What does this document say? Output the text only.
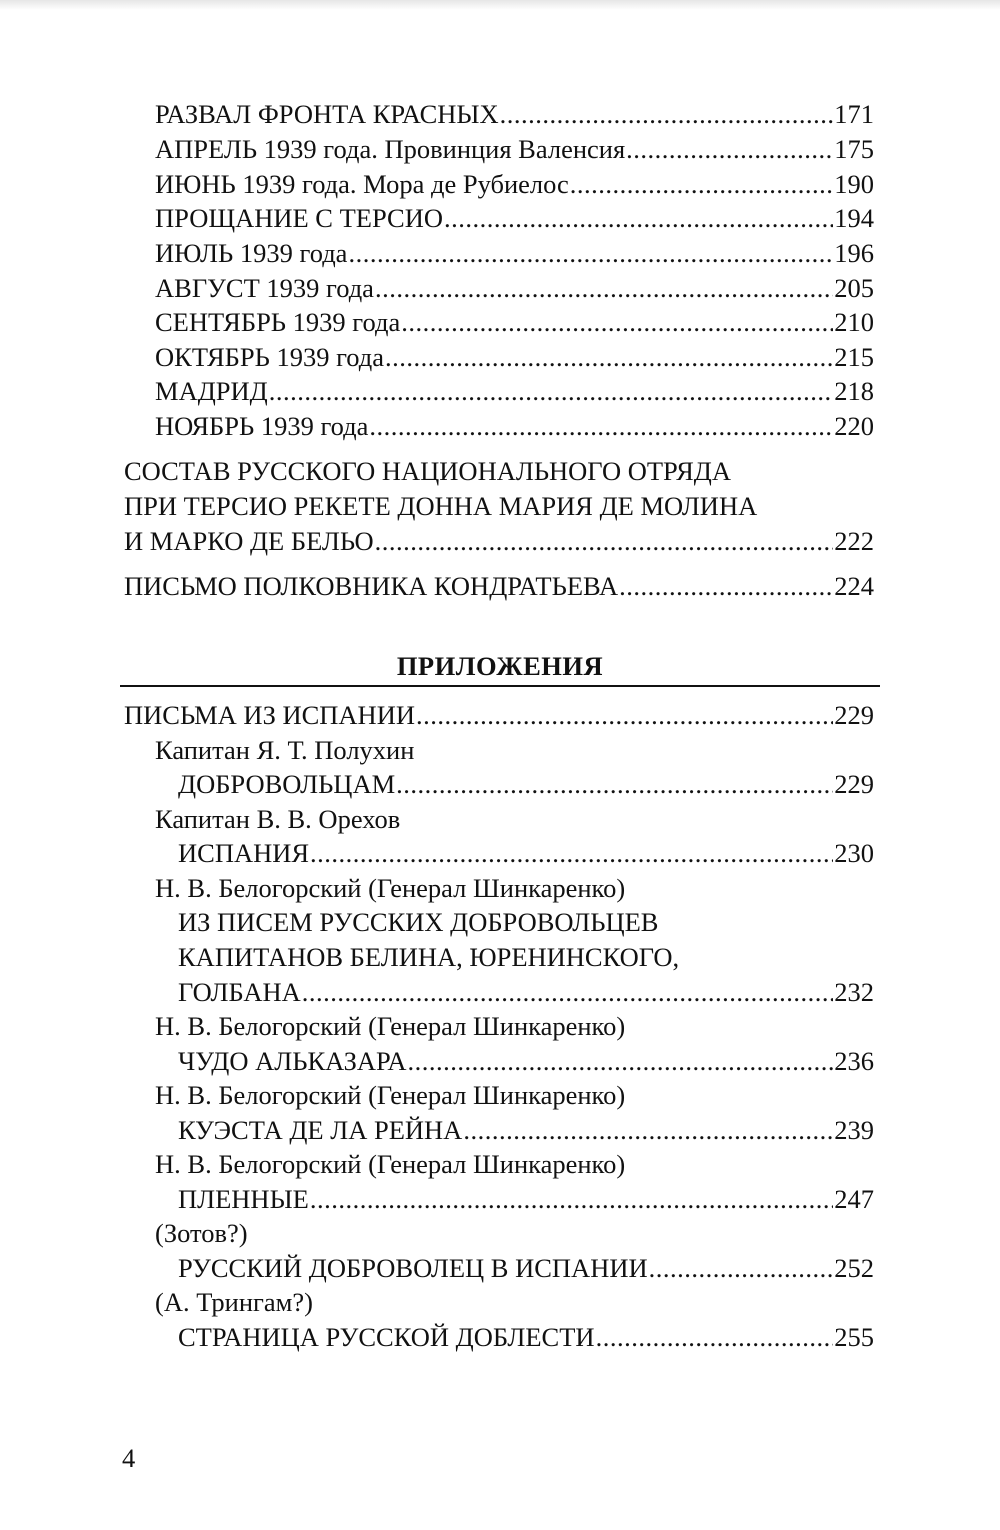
РАЗВАЛ ФРОНТА КРАСНЫХ .....	171
АПРЕЛЬ 1939 года. Провинция Валенсия .....	175
ИЮНЬ 1939 года. Мора де Рубиелос .....	190
ПРОЩАНИЕ С ТЕРСИО .....	194
ИЮЛЬ 1939 года .....	196
АВГУСТ 1939 года .....	205
СЕНТЯБРЬ 1939 года .....	210
ОКТЯБРЬ 1939 года .....	215
МАДРИД .....	218
НОЯБРЬ 1939 года .....	220
СОСТАВ РУССКОГО НАЦИОНАЛЬНОГО ОТРЯДА
ПРИ ТЕРСИО РЕКЕТЕ ДОННА МАРИЯ ДЕ МОЛИНА
И МАРКО ДЕ БЕЛЬО .....	222
ПИСЬМО ПОЛКОВНИКА КОНДРАТЬЕВА .....	224
ПРИЛОЖЕНИЯ
ПИСЬМА ИЗ ИСПАНИИ .....	229
Капитан Я. Т. Полухин
ДОБРОВОЛЬЦАМ .....	229
Капитан В. В. Орехов
ИСПАНИЯ .....	230
Н. В. Белогорский (Генерал Шинкаренко)
ИЗ ПИСЕМ РУССКИХ ДОБРОВОЛЬЦЕВ
КАПИТАНОВ БЕЛИНА, ЮРЕНИНСКОГО,
ГОЛБАНА .....	232
Н. В. Белогорский (Генерал Шинкаренко)
ЧУДО АЛЬКАЗАРА .....	236
Н. В. Белогорский (Генерал Шинкаренко)
КУЭСТА ДЕ ЛА РЕЙНА .....	239
Н. В. Белогорский (Генерал Шинкаренко)
ПЛЕННЫЕ .....	247
(Зотов?)
РУССКИЙ ДОБРОВОЛЕЦ В ИСПАНИИ .....	252
(А. Трингам?)
СТРАНИЦА РУССКОЙ ДОБЛЕСТИ .....	255
4
